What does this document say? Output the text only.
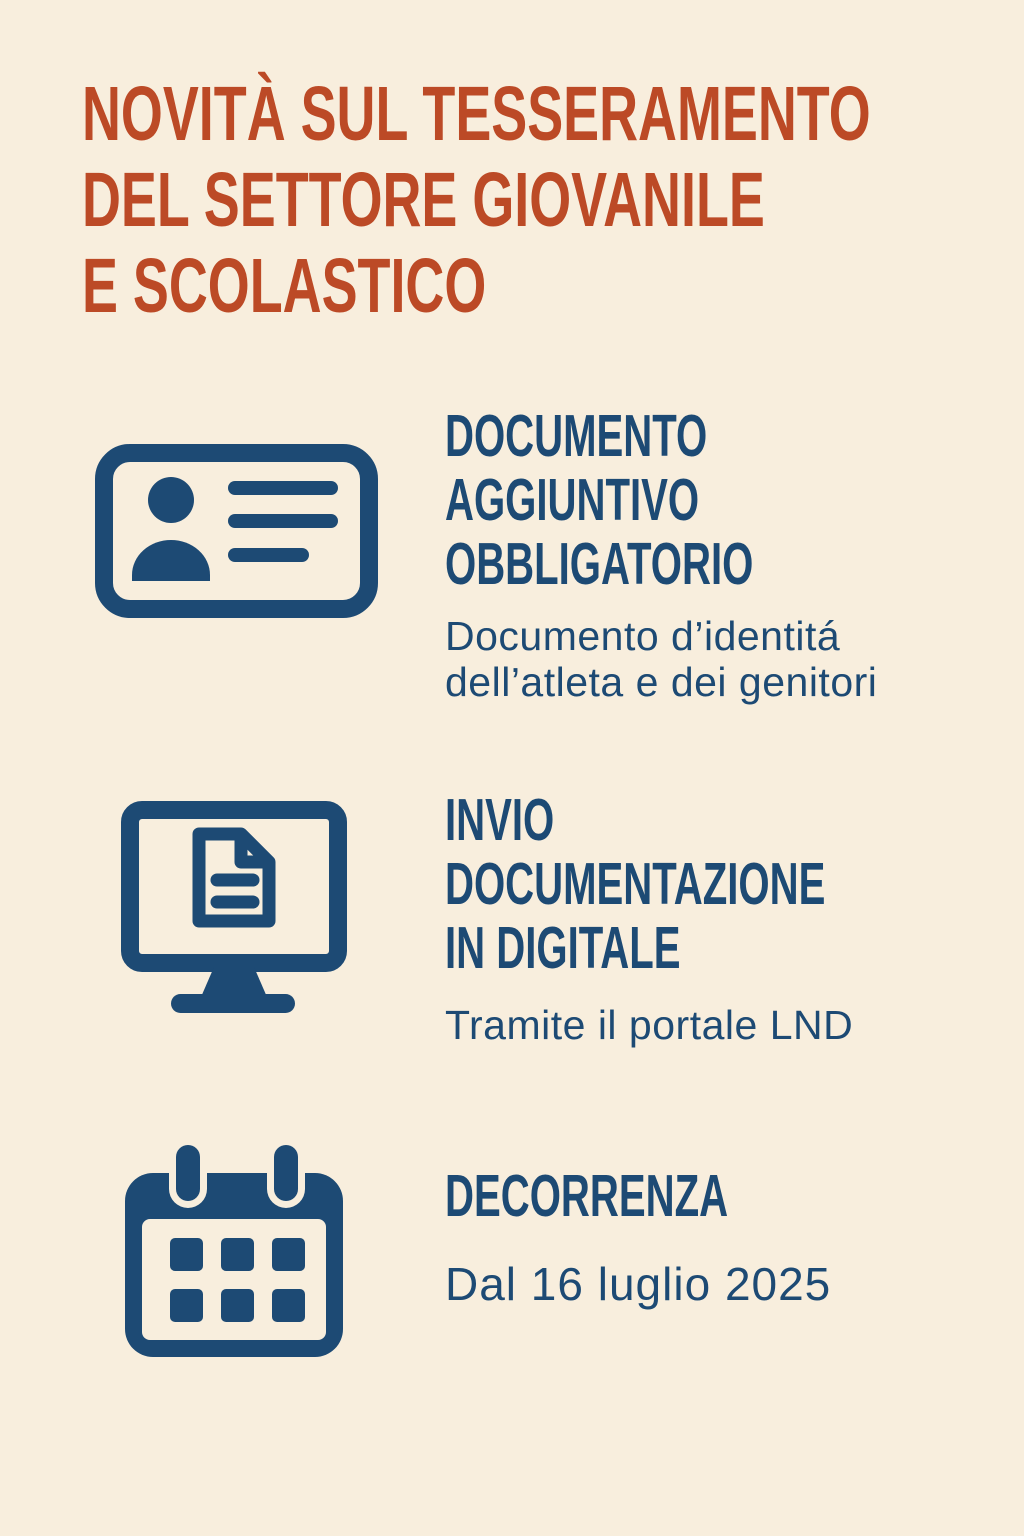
NOVITÀ SUL TESSERAMENTO
DEL SETTORE GIOVANILE
E SCOLASTICO
DOCUMENTO
AGGIUNTIVO
OBBLIGATORIO

Documento d’identitá
dell’atleta e dei genitori

INVIO
DOCUMENTAZIONE
IN DIGITALE

Tramite il portale LND

DECORRENZA

Dal 16 luglio 2025
